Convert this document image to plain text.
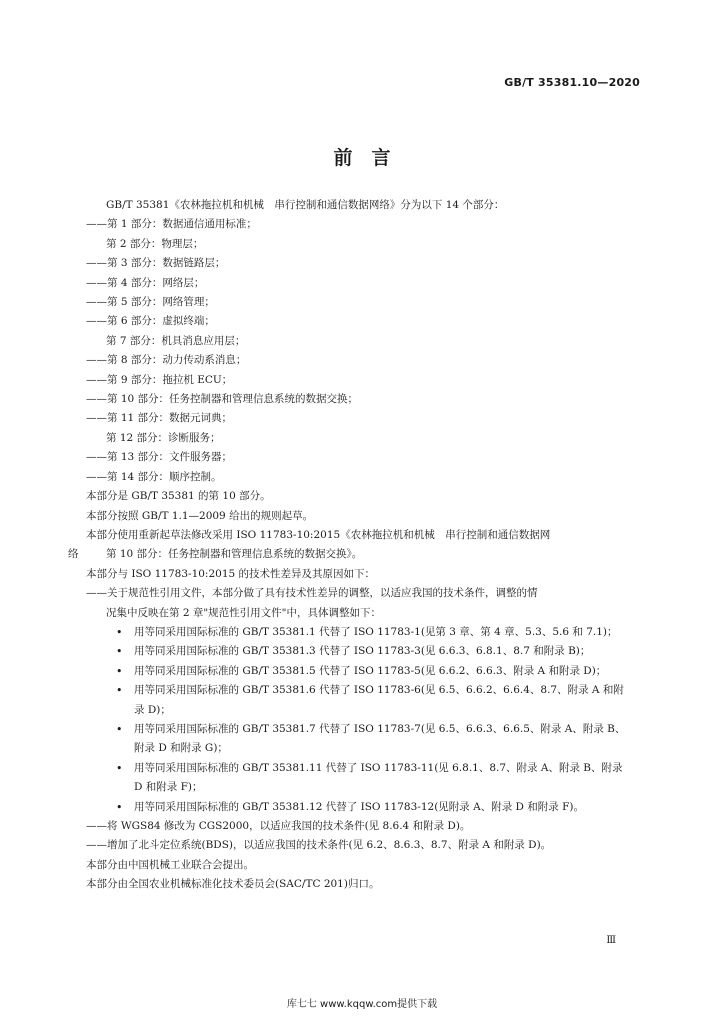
GB/T 35381.10—2020
前　言
GB/T 35381《农林拖拉机和机械　串行控制和通信数据网络》分为以下 14 个部分：
——第 1 部分：数据通信通用标准；
第 2 部分：物理层；
——第 3 部分：数据链路层；
——第 4 部分：网络层；
——第 5 部分：网络管理；
——第 6 部分：虚拟终端；
第 7 部分：机具消息应用层；
——第 8 部分：动力传动系消息；
——第 9 部分：拖拉机 ECU；
——第 10 部分：任务控制器和管理信息系统的数据交换；
——第 11 部分：数据元词典；
第 12 部分：诊断服务；
——第 13 部分：文件服务器；
——第 14 部分：顺序控制。
本部分是 GB/T 35381 的第 10 部分。
本部分按照 GB/T 1.1—2009 给出的规则起草。
本部分使用重新起草法修改采用 ISO 11783-10:2015《农林拖拉机和机械　串行控制和通信数据网
第 10 部分：任务控制器和管理信息系统的数据交换》。
络
本部分与 ISO 11783-10:2015 的技术性差异及其原因如下：
——关于规范性引用文件，本部分做了具有技术性差异的调整，以适应我国的技术条件，调整的情
况集中反映在第 2 章"规范性引用文件"中，具体调整如下：
•	用等同采用国际标准的 GB/T 35381.1 代替了 ISO 11783-1(见第 3 章、第 4 章、5.3、5.6 和 7.1)；
•	用等同采用国际标准的 GB/T 35381.3 代替了 ISO 11783-3(见 6.6.3、6.8.1、8.7 和附录 B)；
•	用等同采用国际标准的 GB/T 35381.5 代替了 ISO 11783-5(见 6.6.2、6.6.3、附录 A 和附录 D)；
•	用等同采用国际标准的 GB/T 35381.6 代替了 ISO 11783-6(见 6.5、6.6.2、6.6.4、8.7、附录 A 和附录 D)；
•	用等同采用国际标准的 GB/T 35381.7 代替了 ISO 11783-7(见 6.5、6.6.3、6.6.5、附录 A、附录 B、附录 D 和附录 G)；
•	用等同采用国际标准的 GB/T 35381.11 代替了 ISO 11783-11(见 6.8.1、8.7、附录 A、附录 B、附录 D 和附录 F)；
•	用等同采用国际标准的 GB/T 35381.12 代替了 ISO 11783-12(见附录 A、附录 D 和附录 F)。
——将 WGS84 修改为 CGS2000，以适应我国的技术条件(见 8.6.4 和附录 D)。
——增加了北斗定位系统(BDS)，以适应我国的技术条件(见 6.2、8.6.3、8.7、附录 A 和附录 D)。
本部分由中国机械工业联合会提出。
本部分由全国农业机械标准化技术委员会(SAC/TC 201)归口。
Ⅲ
库七七 www.kqqw.com提供下载
